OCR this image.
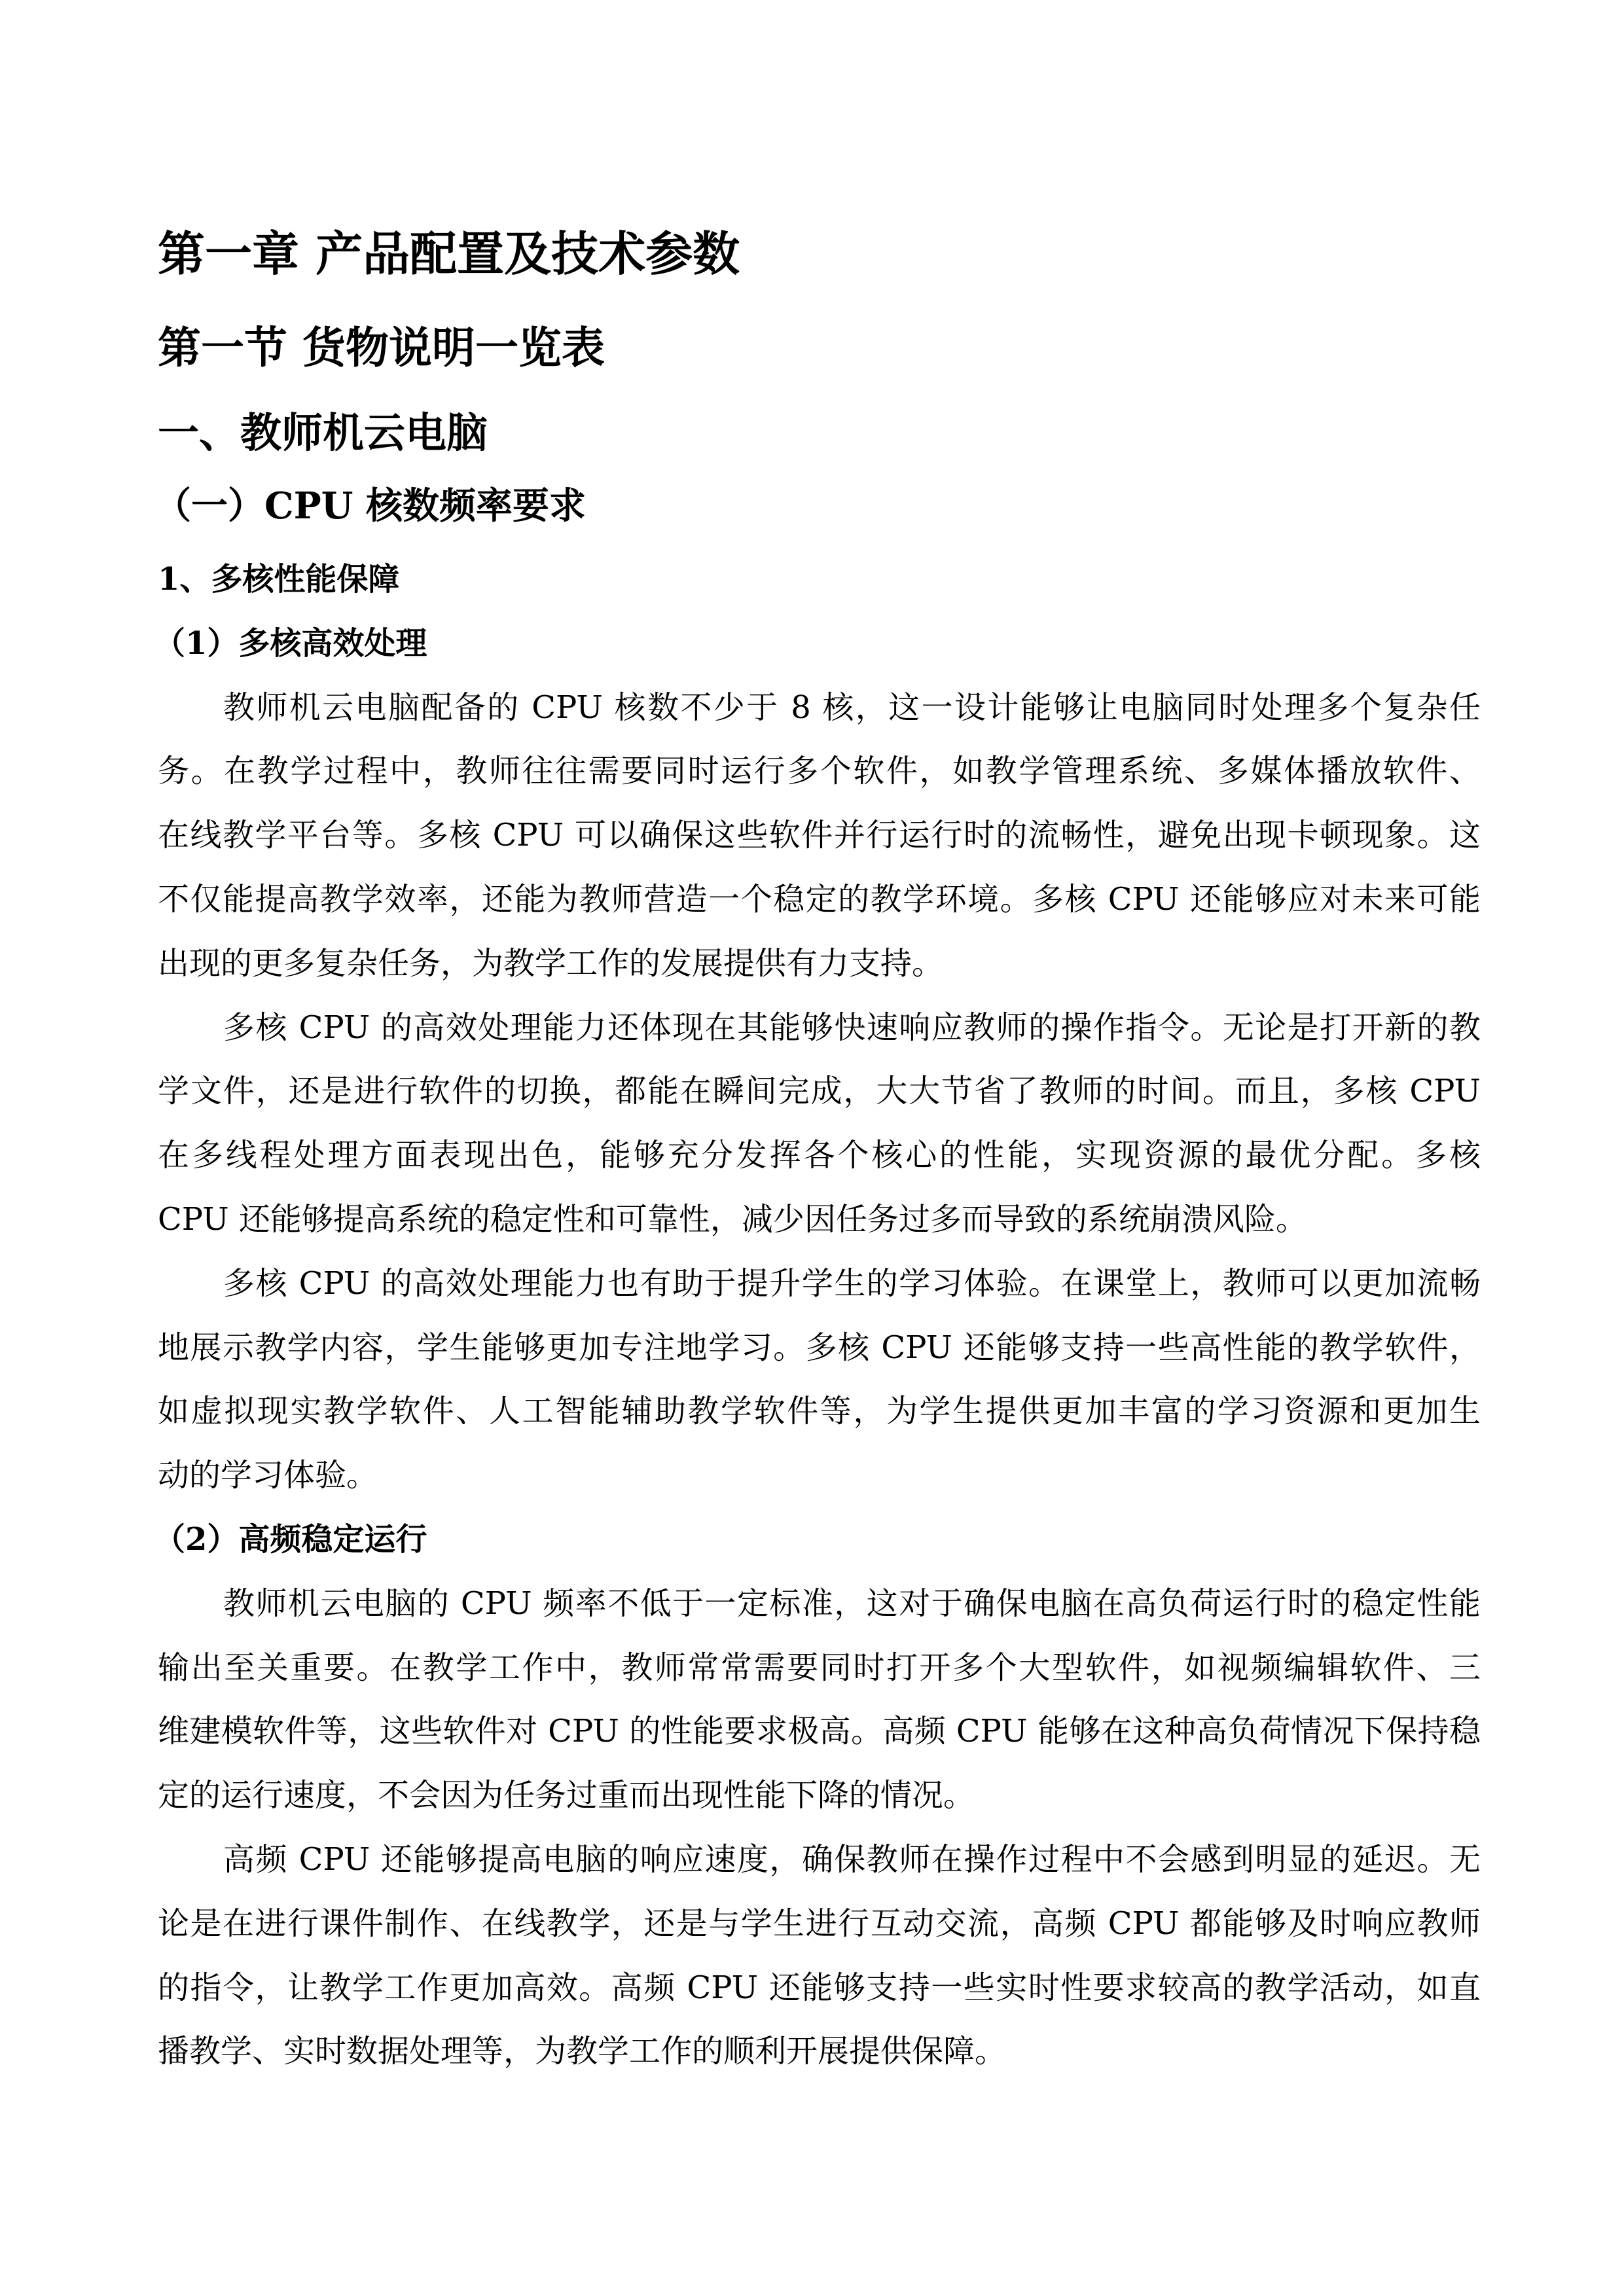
第一章 产品配置及技术参数
第一节 货物说明一览表
一、教师机云电脑
（一）CPU 核数频率要求
1、多核性能保障
（1）多核高效处理
教师机云电脑配备的 CPU 核数不少于 8 核，这一设计能够让电脑同时处理多个复杂任
务。在教学过程中，教师往往需要同时运行多个软件，如教学管理系统、多媒体播放软件、
在线教学平台等。多核 CPU 可以确保这些软件并行运行时的流畅性，避免出现卡顿现象。这
不仅能提高教学效率，还能为教师营造一个稳定的教学环境。多核 CPU 还能够应对未来可能
出现的更多复杂任务，为教学工作的发展提供有力支持。
多核 CPU 的高效处理能力还体现在其能够快速响应教师的操作指令。无论是打开新的教
学文件，还是进行软件的切换，都能在瞬间完成，大大节省了教师的时间。而且，多核 CPU
在多线程处理方面表现出色，能够充分发挥各个核心的性能，实现资源的最优分配。多核
CPU 还能够提高系统的稳定性和可靠性，减少因任务过多而导致的系统崩溃风险。
多核 CPU 的高效处理能力也有助于提升学生的学习体验。在课堂上，教师可以更加流畅
地展示教学内容，学生能够更加专注地学习。多核 CPU 还能够支持一些高性能的教学软件，
如虚拟现实教学软件、人工智能辅助教学软件等，为学生提供更加丰富的学习资源和更加生
动的学习体验。
（2）高频稳定运行
教师机云电脑的 CPU 频率不低于一定标准，这对于确保电脑在高负荷运行时的稳定性能
输出至关重要。在教学工作中，教师常常需要同时打开多个大型软件，如视频编辑软件、三
维建模软件等，这些软件对 CPU 的性能要求极高。高频 CPU 能够在这种高负荷情况下保持稳
定的运行速度，不会因为任务过重而出现性能下降的情况。
高频 CPU 还能够提高电脑的响应速度，确保教师在操作过程中不会感到明显的延迟。无
论是在进行课件制作、在线教学，还是与学生进行互动交流，高频 CPU 都能够及时响应教师
的指令，让教学工作更加高效。高频 CPU 还能够支持一些实时性要求较高的教学活动，如直
播教学、实时数据处理等，为教学工作的顺利开展提供保障。
